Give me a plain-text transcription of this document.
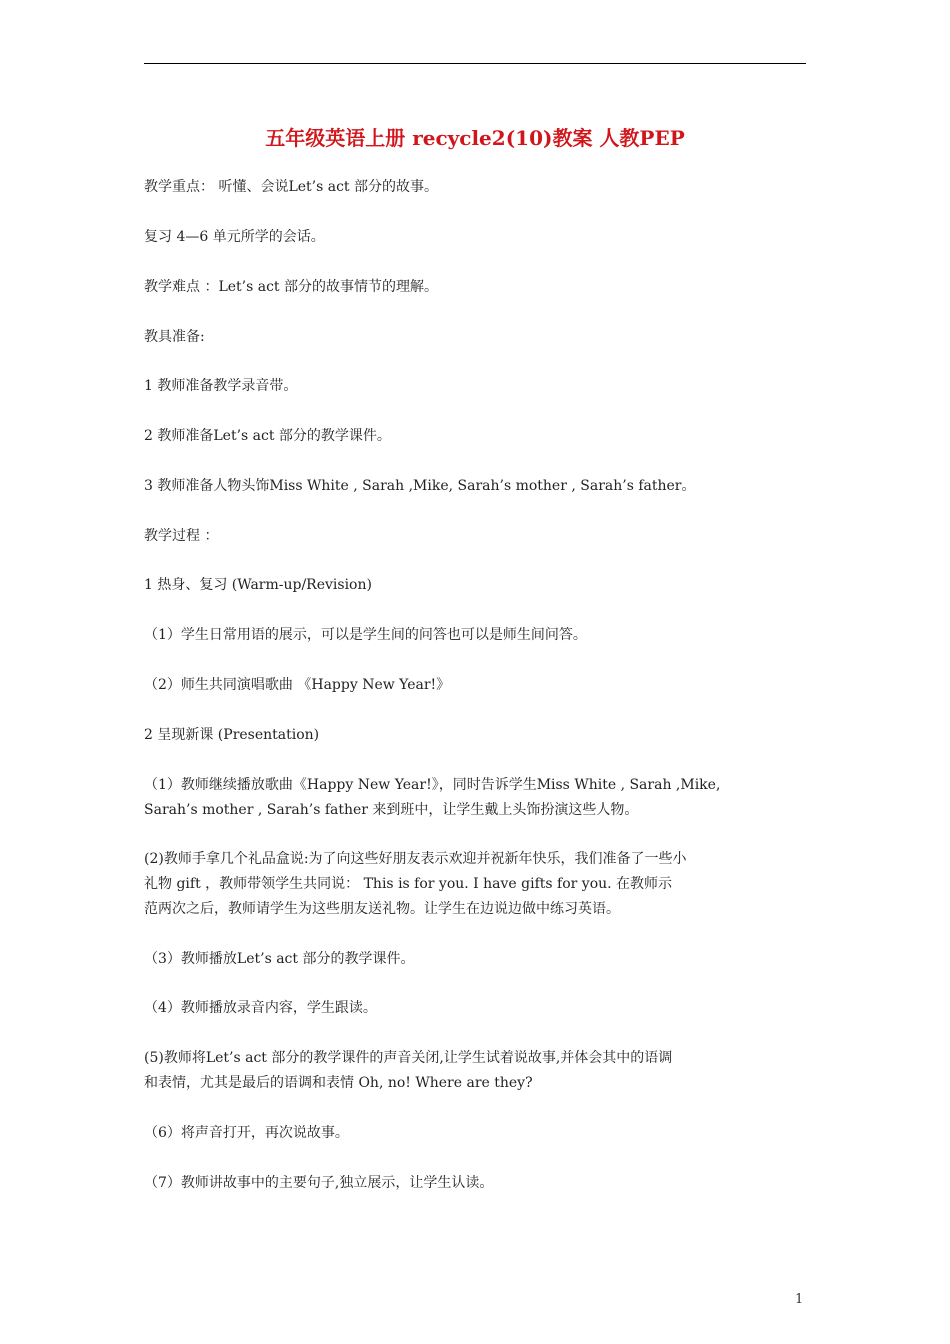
五年级英语上册 recycle2(10)教案 人教PEP
教学重点： 听懂、会说Let’s act 部分的故事。
复习 4—6 单元所学的会话。
教学难点 ：Let’s act 部分的故事情节的理解。
教具准备:
1 教师准备教学录音带。
2 教师准备Let’s act 部分的教学课件。
3 教师准备人物头饰Miss White , Sarah ,Mike, Sarah’s mother , Sarah’s father。
教学过程 ：
1 热身、复习 (Warm-up/Revision)
（1）学生日常用语的展示，可以是学生间的问答也可以是师生间问答。
（2）师生共同演唱歌曲 《Happy New Year!》
2 呈现新课 (Presentation)
（1）教师继续播放歌曲《Happy New Year!》，同时告诉学生Miss White , Sarah ,Mike,
Sarah’s mother , Sarah’s father 来到班中，让学生戴上头饰扮演这些人物。
(2)教师手拿几个礼品盒说:为了向这些好朋友表示欢迎并祝新年快乐，我们准备了一些小
礼物 gift ，教师带领学生共同说： This is for you. I have gifts for you. 在教师示
范两次之后，教师请学生为这些朋友送礼物。让学生在边说边做中练习英语。
（3）教师播放Let’s act 部分的教学课件。
（4）教师播放录音内容，学生跟读。
(5)教师将Let’s act 部分的教学课件的声音关闭,让学生试着说故事,并体会其中的语调
和表情，尤其是最后的语调和表情 Oh, no! Where are they?
（6）将声音打开，再次说故事。
（7）教师讲故事中的主要句子,独立展示，让学生认读。
1
